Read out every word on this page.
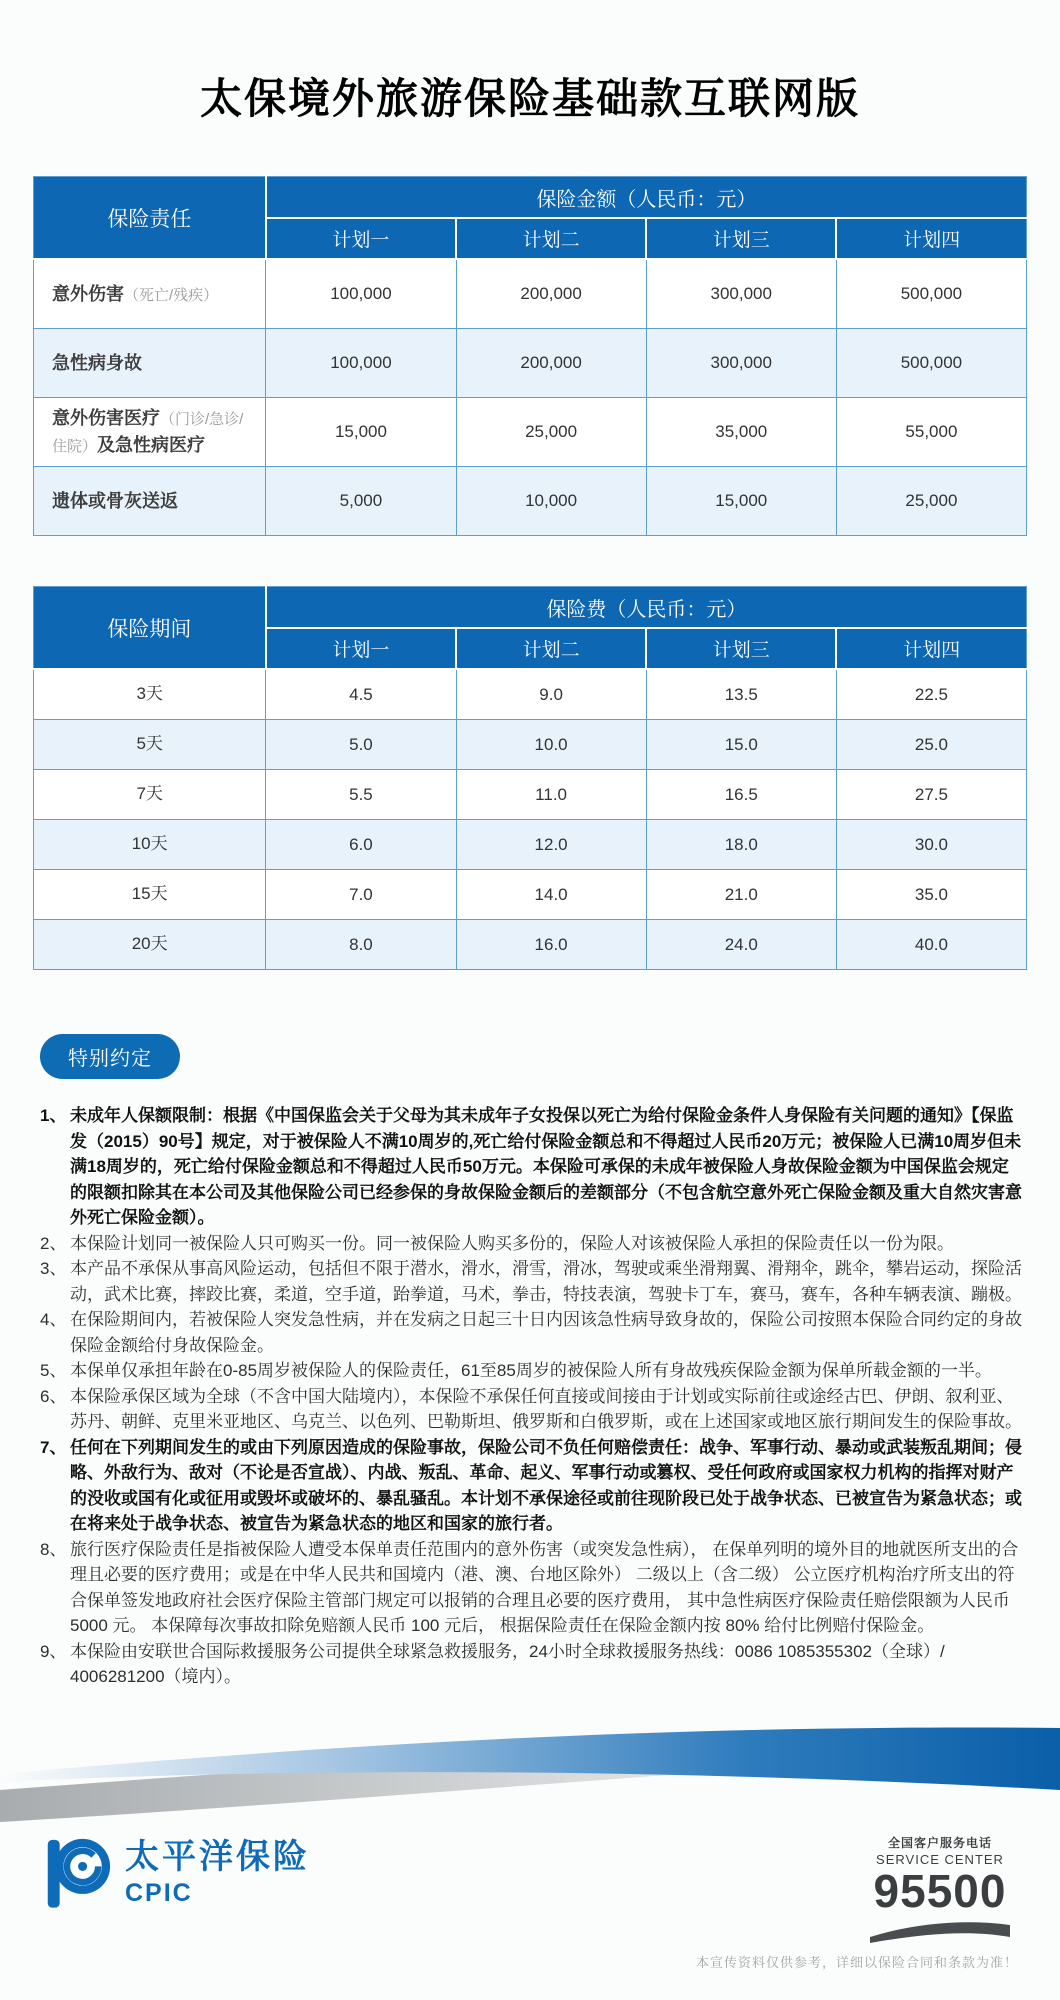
太保境外旅游保险基础款互联网版
保险责任	保险金额（人民币：元）			
	计划一	计划二	计划三	计划四
意外伤害（死亡/残疾）	100,000	200,000	300,000	500,000
急性病身故	100,000	200,000	300,000	500,000
意外伤害医疗（门诊/急诊/住院）及急性病医疗	15,000	25,000	35,000	55,000
遗体或骨灰送返	5,000	10,000	15,000	25,000
保险期间	保险费（人民币：元）			
	计划一	计划二	计划三	计划四
3天	4.5	9.0	13.5	22.5
5天	5.0	10.0	15.0	25.0
7天	5.5	11.0	16.5	27.5
10天	6.0	12.0	18.0	30.0
15天	7.0	14.0	21.0	35.0
20天	8.0	16.0	24.0	40.0
特别约定
1、 未成年人保额限制：根据《中国保监会关于父母为其未成年子女投保以死亡为给付保险金条件人身保险有关问题的通知》【保监发（2015）90号】规定，对于被保险人不满10周岁的,死亡给付保险金额总和不得超过人民币20万元；被保险人已满10周岁但未满18周岁的，死亡给付保险金额总和不得超过人民币50万元。本保险可承保的未成年被保险人身故保险金额为中国保监会规定的限额扣除其在本公司及其他保险公司已经参保的身故保险金额后的差额部分（不包含航空意外死亡保险金额及重大自然灾害意外死亡保险金额）。
2、 本保险计划同一被保险人只可购买一份。同一被保险人购买多份的，保险人对该被保险人承担的保险责任以一份为限。
3、 本产品不承保从事高风险运动，包括但不限于潜水，滑水，滑雪，滑冰，驾驶或乘坐滑翔翼、滑翔伞，跳伞，攀岩运动，探险活动，武术比赛，摔跤比赛，柔道，空手道，跆拳道，马术，拳击，特技表演，驾驶卡丁车，赛马，赛车，各种车辆表演、蹦极。
4、 在保险期间内，若被保险人突发急性病，并在发病之日起三十日内因该急性病导致身故的，保险公司按照本保险合同约定的身故保险金额给付身故保险金。
5、 本保单仅承担年龄在0-85周岁被保险人的保险责任，61至85周岁的被保险人所有身故残疾保险金额为保单所载金额的一半。
6、 本保险承保区域为全球（不含中国大陆境内），本保险不承保任何直接或间接由于计划或实际前往或途经古巴、伊朗、叙利亚、苏丹、朝鲜、克里米亚地区、乌克兰、以色列、巴勒斯坦、俄罗斯和白俄罗斯，或在上述国家或地区旅行期间发生的保险事故。
7、 任何在下列期间发生的或由下列原因造成的保险事故，保险公司不负任何赔偿责任：战争、军事行动、暴动或武装叛乱期间；侵略、外敌行为、敌对（不论是否宣战）、内战、叛乱、革命、起义、军事行动或篡权、受任何政府或国家权力机构的指挥对财产的没收或国有化或征用或毁坏或破坏的、暴乱骚乱。本计划不承保途径或前往现阶段已处于战争状态、已被宣告为紧急状态；或在将来处于战争状态、被宣告为紧急状态的地区和国家的旅行者。
8、 旅行医疗保险责任是指被保险人遭受本保单责任范围内的意外伤害（或突发急性病）， 在保单列明的境外目的地就医所支出的合理且必要的医疗费用；或是在中华人民共和国境内（港、澳、台地区除外） 二级以上（含二级） 公立医疗机构治疗所支出的符合保单签发地政府社会医疗保险主管部门规定可以报销的合理且必要的医疗费用， 其中急性病医疗保险责任赔偿限额为人民币 5000 元。 本保障每次事故扣除免赔额人民币 100 元后， 根据保险责任在保险金额内按 80% 给付比例赔付保险金。
9、 本保险由安联世合国际救援服务公司提供全球紧急救援服务，24小时全球救援服务热线：0086 1085355302（全球）/ 4006281200（境内）。
太平洋保险
CPIC
全国客户服务电话
SERVICE CENTER
95500
本宣传资料仅供参考，详细以保险合同和条款为准！
